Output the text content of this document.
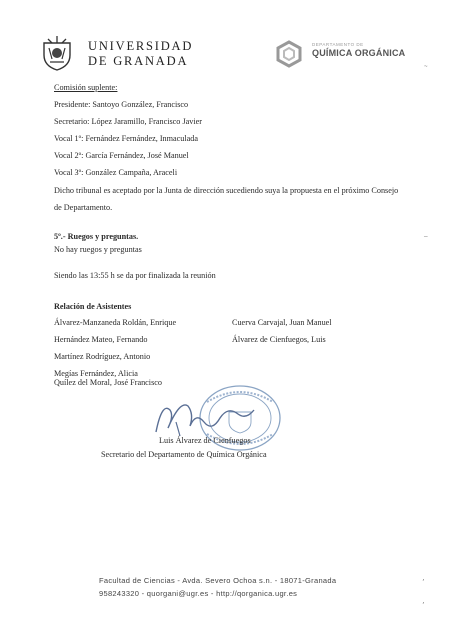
UNIVERSIDAD
DE GRANADA
DEPARTAMENTO DE
QUÍMICA ORGÁNICA
~
—
Comisión suplente:
Presidente: Santoyo González, Francisco
Secretario: López Jaramillo, Francisco Javier
Vocal 1º: Fernández Fernández, Inmaculada
Vocal 2º: García Fernández, José Manuel
Vocal 3º: González Campaña, Araceli
Dicho tribunal es aceptado por la Junta de dirección sucediendo suya la propuesta en el próximo Consejo
de Departamento.
5º.- Ruegos y preguntas.
No hay ruegos y preguntas
Siendo las 13:55 h se da por finalizada la reunión
Relación de Asistentes
Álvarez-Manzaneda Roldán, Enrique
Hernández Mateo, Fernando
Martínez Rodríguez, Antonio
Megías Fernández, Alicia
Quílez del Moral, José Francisco
Cuerva Carvajal, Juan Manuel
Álvarez de Cienfuegos, Luis
Luis Álvarez de Cienfuegos
Secretario del Departamento de Química Orgánica
,
,
Facultad de Ciencias - Avda. Severo Ochoa s.n. - 18071-Granada
958243320 - quorgani@ugr.es - http://qorganica.ugr.es
